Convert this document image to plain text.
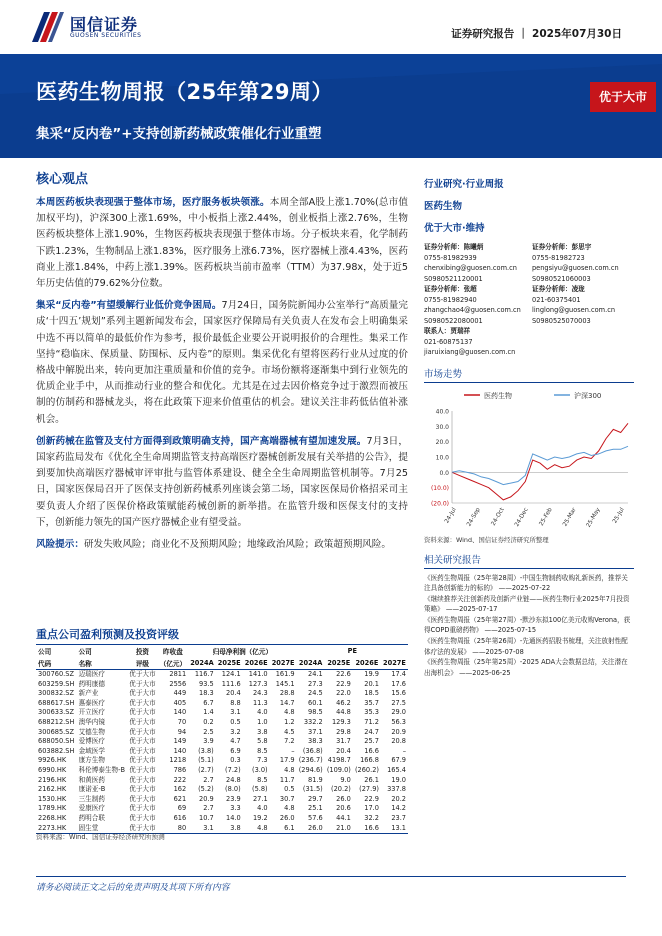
国信证券
GUOSEN SECURITIES	证券研究报告 ｜ 2025年07月30日
医药生物周报（25年第29周）
集采“反内卷”+支持创新药械政策催化行业重塑
优于大市
核心观点

本周医药板块表现强于整体市场，医疗服务板块领涨。本周全部A股上涨1.70%(总市值加权平均)，沪深300上涨1.69%，中小板指上涨2.44%，创业板指上涨2.76%，生物医药板块整体上涨1.90%，生物医药板块表现强于整体市场。分子板块来看，化学制药下跌1.23%，生物制品上涨1.83%，医疗服务上涨6.73%，医疗器械上涨4.43%，医药商业上涨1.84%，中药上涨1.39%。医药板块当前市盈率（TTM）为37.98x，处于近5年历史估值的79.62%分位数。

集采“反内卷”有望缓解行业低价竞争困局。7月24日，国务院新闻办公室举行“高质量完成‘十四五’规划”系列主题新闻发布会，国家医疗保障局有关负责人在发布会上明确集采中选不再以简单的最低价作为参考，报价最低企业要公开说明报价的合理性。集采工作坚持“稳临床、保质量、防围标、反内卷”的原则。集采优化有望将医药行业从过度的价格战中解脱出来，转向更加注重质量和价值的竞争。市场份额将逐渐集中到行业领先的优质企业手中，从而推动行业的整合和优化。尤其是在过去因价格竞争过于激烈而被压制的仿制药和器械龙头，将在此政策下迎来价值重估的机会。建议关注非药低估值补涨机会。

创新药械在监管及支付方面得到政策明确支持，国产高端器械有望加速发展。7月3日，国家药监局发布《优化全生命周期监管支持高端医疗器械创新发展有关举措的公告》，提到要加快高端医疗器械审评审批与监管体系建设、健全全生命周期监管机制等。7月25日，国家医保局召开了医保支持创新药械系列座谈会第二场，国家医保局价格招采司主要负责人介绍了医保价格政策赋能药械创新的新举措。在监管升级和医保支付的支持下，创新能力领先的国产医疗器械企业有望受益。

风险提示：研发失败风险；商业化不及预期风险；地缘政治风险；政策超预期风险。

行业研究·行业周报
医药生物
优于大市·维持
证券分析师：陈曦炳
0755-81982939
chenxibing@guosen.com.cn
S0980521120001
证券分析师：彭思宇
0755-81982723
pengsiyu@guosen.com.cn
S0980521060003
证券分析师：张超
0755-81982940
zhangchao4@guosen.com.cn
S0980522080001
证券分析师：凌珑
021-60375401
linglong@guosen.com.cn
S0980525070003
联系人：贾瑞祥
021-60875137
jiaruixiang@guosen.com.cn
市场走势
医药生物	沪深300
40.0
30.0
20.0
10.0
0.0
(10.0)
(20.0)
24-Jul 24-Sep 24-Oct 24-Dec 25-Feb 25-Mar 25-May 25-Jul
资料来源：Wind、国信证券经济研究所整理
相关研究报告
《医药生物周报（25年第28周）-中国生物制药收购礼新医药，推荐关注具备创新能力的标的》 ——2025-07-22
《继续推荐关注创新药及创新产业链——医药生物行业2025年7月投资策略》 ——2025-07-17
《医药生物周报（25年第27周）-默沙东拟100亿美元收购Verona，获得COPD重磅药物》 ——2025-07-15
《医药生物周报（25年第26周）-先通医药招股书梳理，关注放射性配体疗法的发展》 ——2025-07-08
《医药生物周报（25年第25周）-2025 ADA大会数据总结，关注潜在出海机会》 ——2025-06-25
重点公司盈利预测及投资评级
公司	公司	投资	昨收盘	归母净利润（亿元）				PE			
代码	名称	评级	（亿元）	2024A	2025E	2026E	2027E	2024A	2025E	2026E	2027E
300760.SZ	迈瑞医疗	优于大市	2811	116.7	124.1	141.0	161.9	24.1	22.6	19.9	17.4
603259.SH	药明康德	优于大市	2556	93.5	111.6	127.3	145.1	27.3	22.9	20.1	17.6
300832.SZ	新产业	优于大市	449	18.3	20.4	24.3	28.8	24.5	22.0	18.5	15.6
688617.SH	惠泰医疗	优于大市	405	6.7	8.8	11.3	14.7	60.1	46.2	35.7	27.5
300633.SZ	开立医疗	优于大市	140	1.4	3.1	4.0	4.8	98.5	44.8	35.3	29.0
688212.SH	澳华内镜	优于大市	70	0.2	0.5	1.0	1.2	332.2	129.3	71.2	56.3
300685.SZ	艾德生物	优于大市	94	2.5	3.2	3.8	4.5	37.1	29.8	24.7	20.9
688050.SH	爱博医疗	优于大市	149	3.9	4.7	5.8	7.2	38.3	31.7	25.7	20.8
603882.SH	金域医学	优于大市	140	(3.8)	6.9	8.5	–	(36.8)	20.4	16.6	–
9926.HK	康方生物	优于大市	1218	(5.1)	0.3	7.3	17.9	(236.7)	4198.7	166.8	67.9
6990.HK	科伦博泰生物-B	优于大市	786	(2.7)	(7.2)	(3.0)	4.8	(294.6)	(109.0)	(260.2)	165.4
2196.HK	和黄医药	优于大市	222	2.7	24.8	8.5	11.7	81.9	9.0	26.1	19.0
2162.HK	康诺亚-B	优于大市	162	(5.2)	(8.0)	(5.8)	0.5	(31.5)	(20.2)	(27.9)	337.8
1530.HK	三生制药	优于大市	621	20.9	23.9	27.1	30.7	29.7	26.0	22.9	20.2
1789.HK	爱康医疗	优于大市	69	2.7	3.3	4.0	4.8	25.1	20.6	17.0	14.2
2268.HK	药明合联	优于大市	616	10.7	14.0	19.2	26.0	57.6	44.1	32.2	23.7
2273.HK	固生堂	优于大市	80	3.1	3.8	4.8	6.1	26.0	21.0	16.6	13.1
资料来源：Wind、国信证券经济研究所预测
请务必阅读正文之后的免责声明及其项下所有内容
